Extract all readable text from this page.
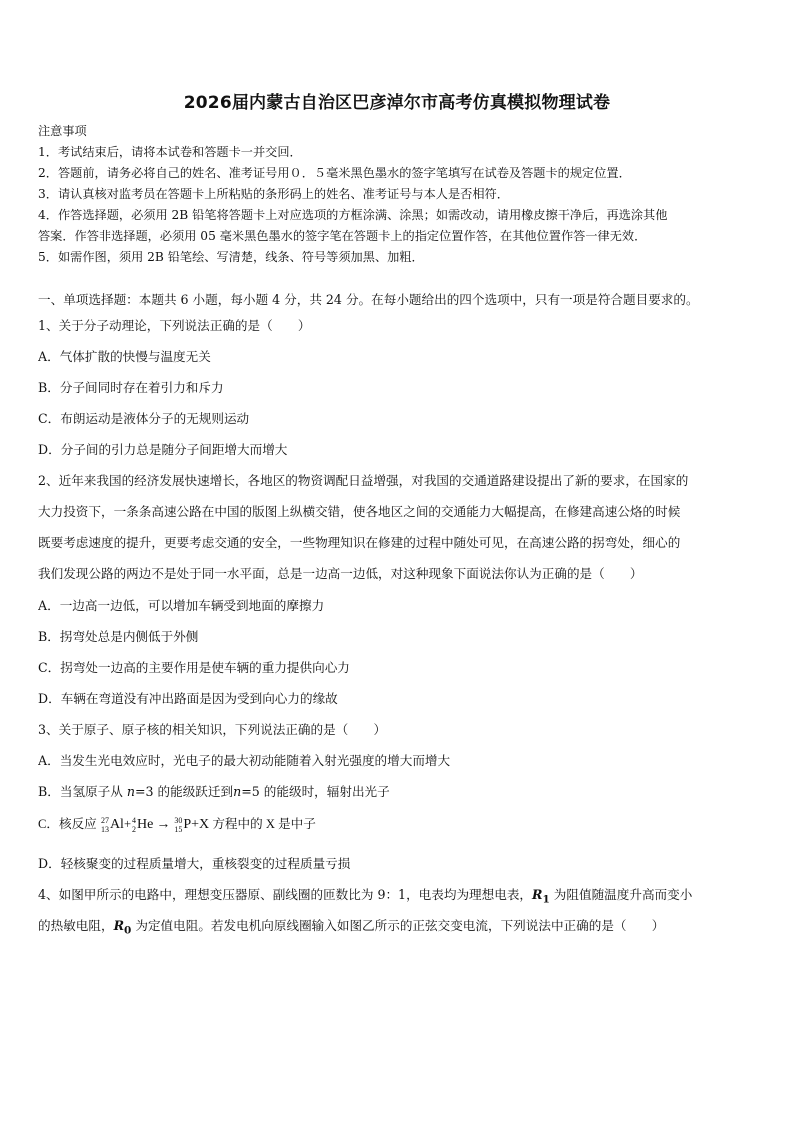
2026届内蒙古自治区巴彦淖尔市高考仿真模拟物理试卷
注意事项
1．考试结束后，请将本试卷和答题卡一并交回．
2．答题前，请务必将自己的姓名、准考证号用０．５毫米黑色墨水的签字笔填写在试卷及答题卡的规定位置．
3．请认真核对监考员在答题卡上所粘贴的条形码上的姓名、准考证号与本人是否相符．
4．作答选择题，必须用 2B 铅笔将答题卡上对应选项的方框涂满、涂黑；如需改动，请用橡皮擦干净后，再选涂其他
答案．作答非选择题，必须用 05 毫米黑色墨水的签字笔在答题卡上的指定位置作答，在其他位置作答一律无效．
5．如需作图，须用 2B 铅笔绘、写清楚，线条、符号等须加黑、加粗．
一、单项选择题：本题共 6 小题，每小题 4 分，共 24 分。在每小题给出的四个选项中，只有一项是符合题目要求的。
1、关于分子动理论，下列说法正确的是（　　）
A．气体扩散的快慢与温度无关
B．分子间同时存在着引力和斥力
C．布朗运动是液体分子的无规则运动
D．分子间的引力总是随分子间距增大而增大
2、近年来我国的经济发展快速增长，各地区的物资调配日益增强，对我国的交通道路建设提出了新的要求，在国家的
大力投资下，一条条高速公路在中国的版图上纵横交错，使各地区之间的交通能力大幅提高，在修建高速公烙的时候
既要考虑速度的提升，更要考虑交通的安全，一些物理知识在修建的过程中随处可见，在高速公路的拐弯处，细心的
我们发现公路的两边不是处于同一水平面，总是一边高一边低，对这种现象下面说法你认为正确的是（　　）
A．一边高一边低，可以增加车辆受到地面的摩擦力
B．拐弯处总是内侧低于外侧
C．拐弯处一边高的主要作用是使车辆的重力提供向心力
D．车辆在弯道没有冲出路面是因为受到向心力的缘故
3、关于原子、原子核的相关知识，下列说法正确的是（　　）
A．当发生光电效应时，光电子的最大初动能随着入射光强度的增大而增大
B．当氢原子从 n=3 的能级跃迁到n=5 的能级时，辐射出光子
C．核反应 27
13 Al+ 4
2 He → 30
15 P+X 方程中的 X 是中子
D．轻核聚变的过程质量增大，重核裂变的过程质量亏损
4、如图甲所示的电路中，理想变压器原、副线圈的匝数比为 9：1，电表均为理想电表，$R_1$ 为阻值随温度升高而变小
的热敏电阻，$R_0$ 为定值电阻。若发电机向原线圈输入如图乙所示的正弦交变电流，下列说法中正确的是（　　）
